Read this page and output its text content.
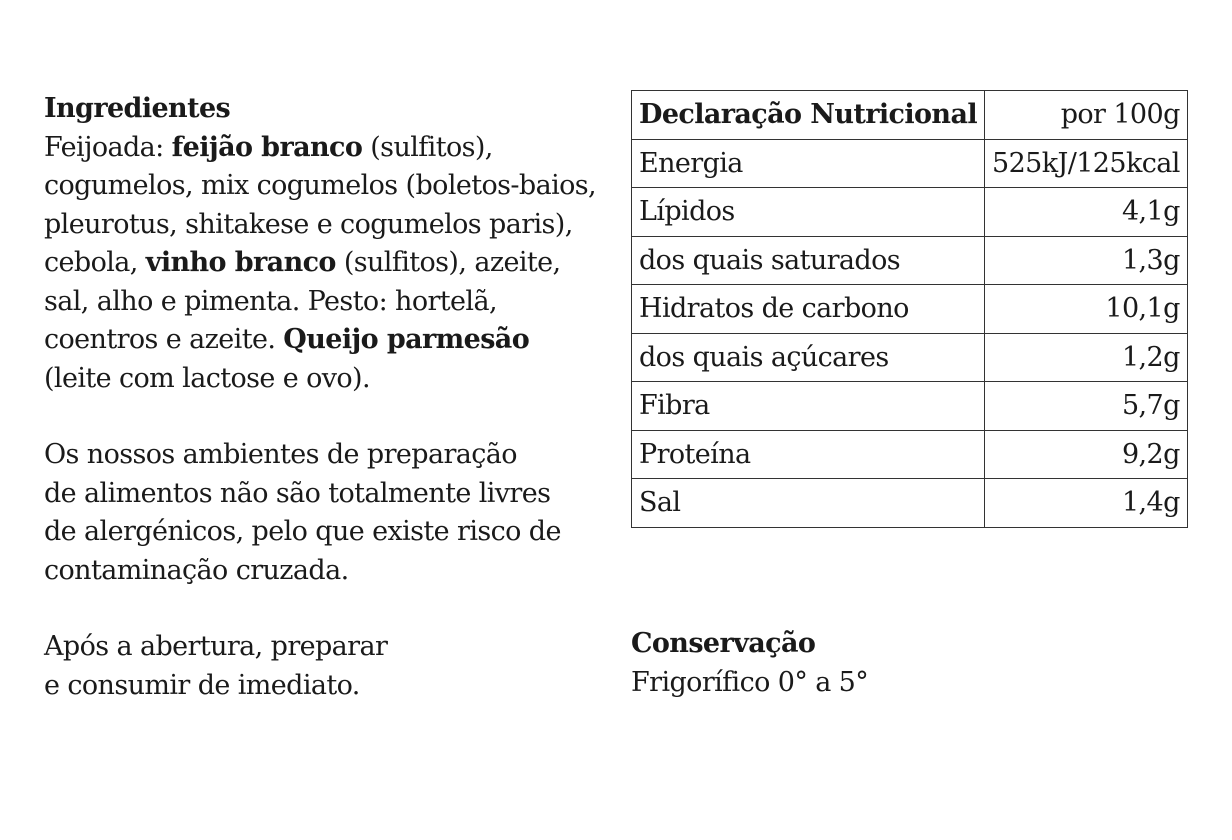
Ingredientes

Feijoada: feijão branco (sulfitos), cogumelos, mix cogumelos (boletos-baios, pleurotus, shitakese e cogumelos paris), cebola, vinho branco (sulfitos), azeite, sal, alho e pimenta. Pesto: hortelã, coentros e azeite. Queijo parmesão (leite com lactose e ovo).

Os nossos ambientes de preparação
de alimentos não são totalmente livres
de alergénicos, pelo que existe risco de
contaminação cruzada.

Após a abertura, preparar
e consumir de imediato.

Declaração Nutricional	por 100g
Energia	525kJ/125kcal
Lípidos	4,1g
dos quais saturados	1,3g
Hidratos de carbono	10,1g
dos quais açúcares	1,2g
Fibra	5,7g
Proteína	9,2g
Sal	1,4g

Conservação

Frigorífico 0° a 5°
